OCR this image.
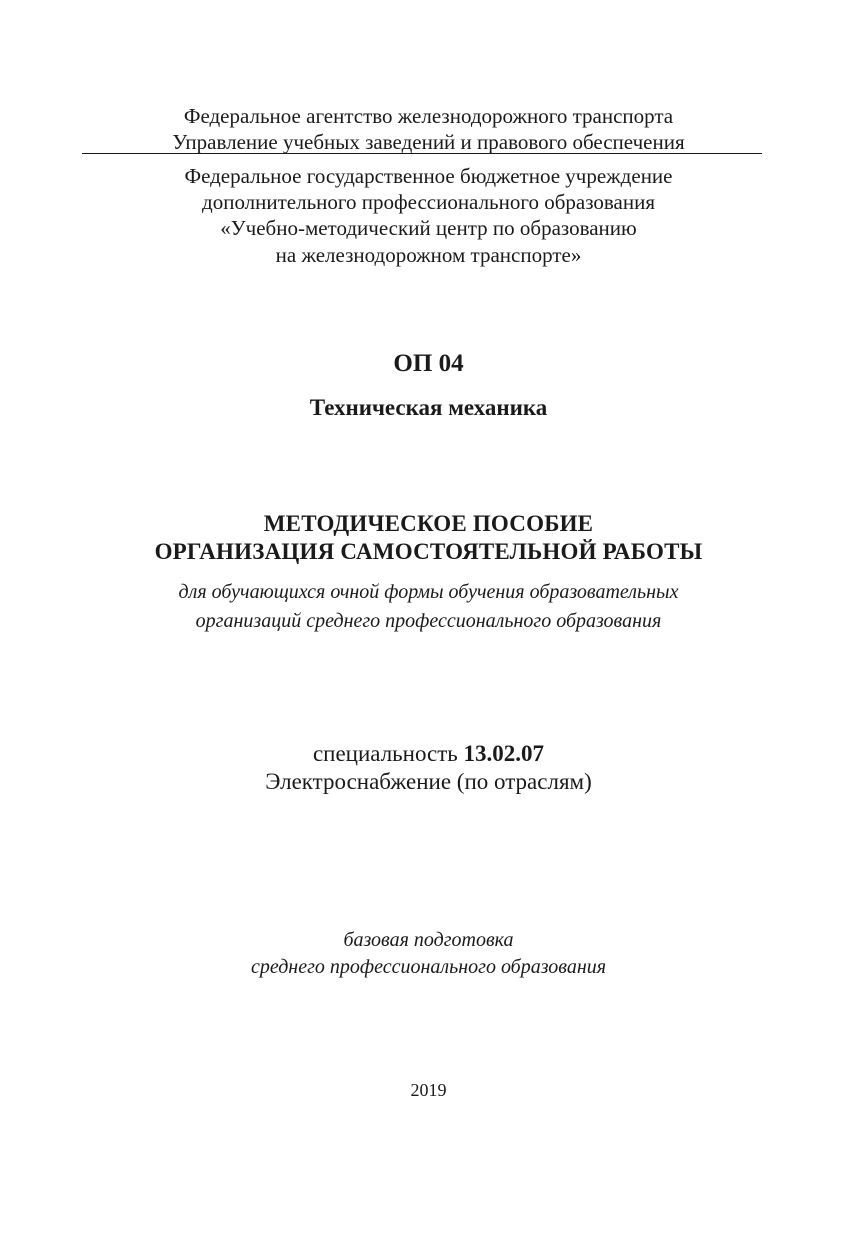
Федеральное агентство железнодорожного транспорта
Управление учебных заведений и правового обеспечения
Федеральное государственное бюджетное учреждение
дополнительного профессионального образования
«Учебно-методический центр по образованию
на железнодорожном транспорте»
ОП 04
Техническая механика
МЕТОДИЧЕСКОЕ ПОСОБИЕ
ОРГАНИЗАЦИЯ САМОСТОЯТЕЛЬНОЙ РАБОТЫ
для обучающихся очной формы обучения образовательных
организаций среднего профессионального образования
специальность 13.02.07
Электроснабжение (по отраслям)
базовая подготовка
среднего профессионального образования
2019
